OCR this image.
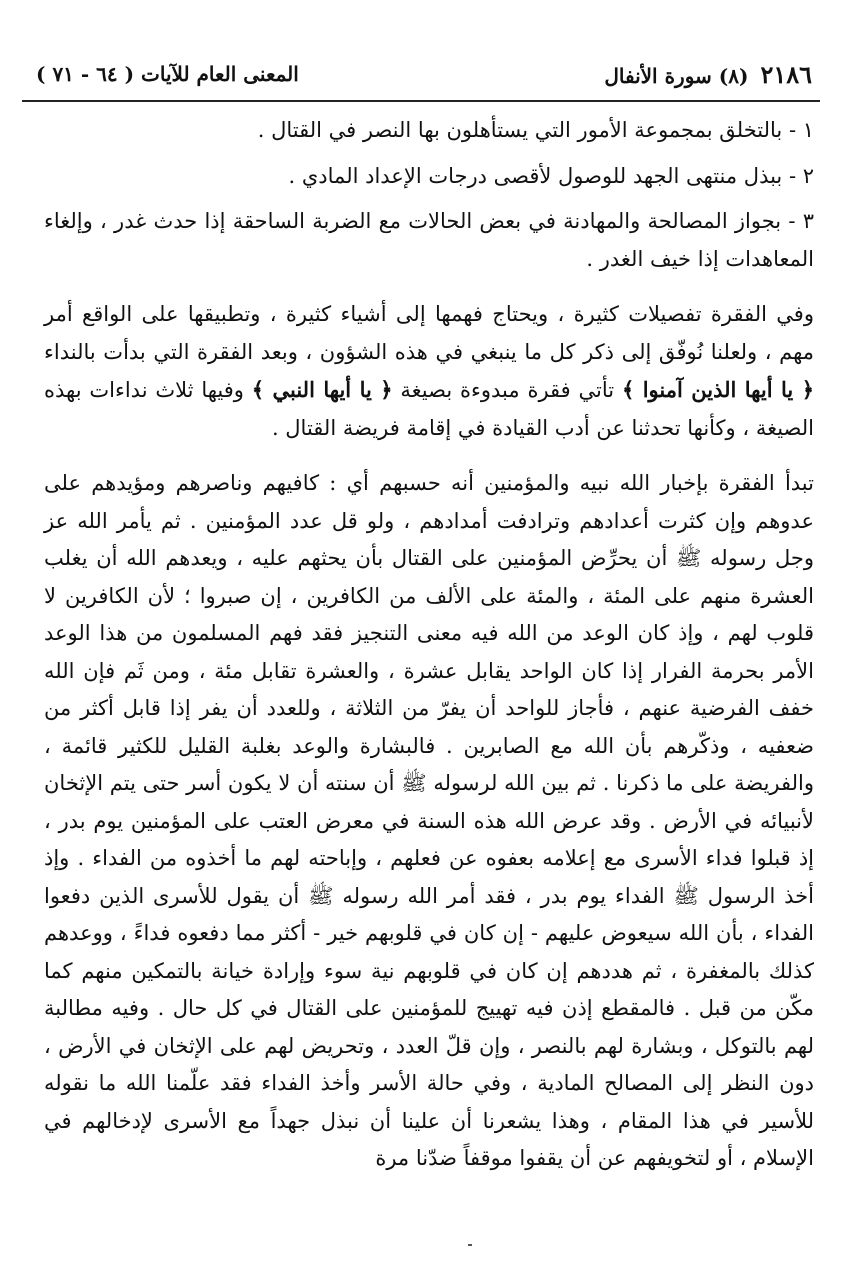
٢١٨٦
(٨) سورة الأنفال
المعنى العام للآيات ( ٦٤ - ٧١ )

١ - بالتخلق بمجموعة الأمور التي يستأهلون بها النصر في القتال .

٢ - ببذل منتهى الجهد للوصول لأقصى درجات الإعداد المادي .

٣ - بجواز المصالحة والمهادنة في بعض الحالات مع الضربة الساحقة إذا حدث غدر ، وإلغاء المعاهدات إذا خيف الغدر .

وفي الفقرة تفصيلات كثيرة ، ويحتاج فهمها إلى أشياء كثيرة ، وتطبيقها على الواقع أمر مهم ، ولعلنا نُوفّق إلى ذكر كل ما ينبغي في هذه الشؤون ، وبعد الفقرة التي بدأت بالنداء ﴿ يا أيها الذين آمنوا ﴾ تأتي فقرة مبدوءة بصيغة ﴿ يا أيها النبي ﴾ وفيها ثلاث نداءات بهذه الصيغة ، وكأنها تحدثنا عن أدب القيادة في إقامة فريضة القتال .

تبدأ الفقرة بإخبار الله نبيه والمؤمنين أنه حسبهم أي : كافيهم وناصرهم ومؤيدهم على عدوهم وإن كثرت أعدادهم وترادفت أمدادهم ، ولو قل عدد المؤمنين . ثم يأمر الله عز وجل رسوله ﷺ أن يحرِّض المؤمنين على القتال بأن يحثهم عليه ، ويعدهم الله أن يغلب العشرة منهم على المئة ، والمئة على الألف من الكافرين ، إن صبروا ؛ لأن الكافرين لا قلوب لهم ، وإذ كان الوعد من الله فيه معنى التنجيز فقد فهم المسلمون من هذا الوعد الأمر بحرمة الفرار إذا كان الواحد يقابل عشرة ، والعشرة تقابل مئة ، ومن ثَم فإن الله خفف الفرضية عنهم ، فأجاز للواحد أن يفرّ من الثلاثة ، وللعدد أن يفر إذا قابل أكثر من ضعفيه ، وذكّرهم بأن الله مع الصابرين . فالبشارة والوعد بغلبة القليل للكثير قائمة ، والفريضة على ما ذكرنا . ثم بين الله لرسوله ﷺ أن سنته أن لا يكون أسر حتى يتم الإثخان لأنبيائه في الأرض . وقد عرض الله هذه السنة في معرض العتب على المؤمنين يوم بدر ، إذ قبلوا فداء الأسرى مع إعلامه بعفوه عن فعلهم ، وإباحته لهم ما أخذوه من الفداء . وإذ أخذ الرسول ﷺ الفداء يوم بدر ، فقد أمر الله رسوله ﷺ أن يقول للأسرى الذين دفعوا الفداء ، بأن الله سيعوض عليهم - إن كان في قلوبهم خير - أكثر مما دفعوه فداءً ، ووعدهم كذلك بالمغفرة ، ثم هددهم إن كان في قلوبهم نية سوء وإرادة خيانة بالتمكين منهم كما مكّن من قبل . فالمقطع إذن فيه تهييج للمؤمنين على القتال في كل حال . وفيه مطالبة لهم بالتوكل ، وبشارة لهم بالنصر ، وإن قلّ العدد ، وتحريض لهم على الإثخان في الأرض ، دون النظر إلى المصالح المادية ، وفي حالة الأسر وأخذ الفداء فقد علّمنا الله ما نقوله للأسير في هذا المقام ، وهذا يشعرنا أن علينا أن نبذل جهداً مع الأسرى لإدخالهم في الإسلام ، أو لتخويفهم عن أن يقفوا موقفاً ضدّنا مرة
